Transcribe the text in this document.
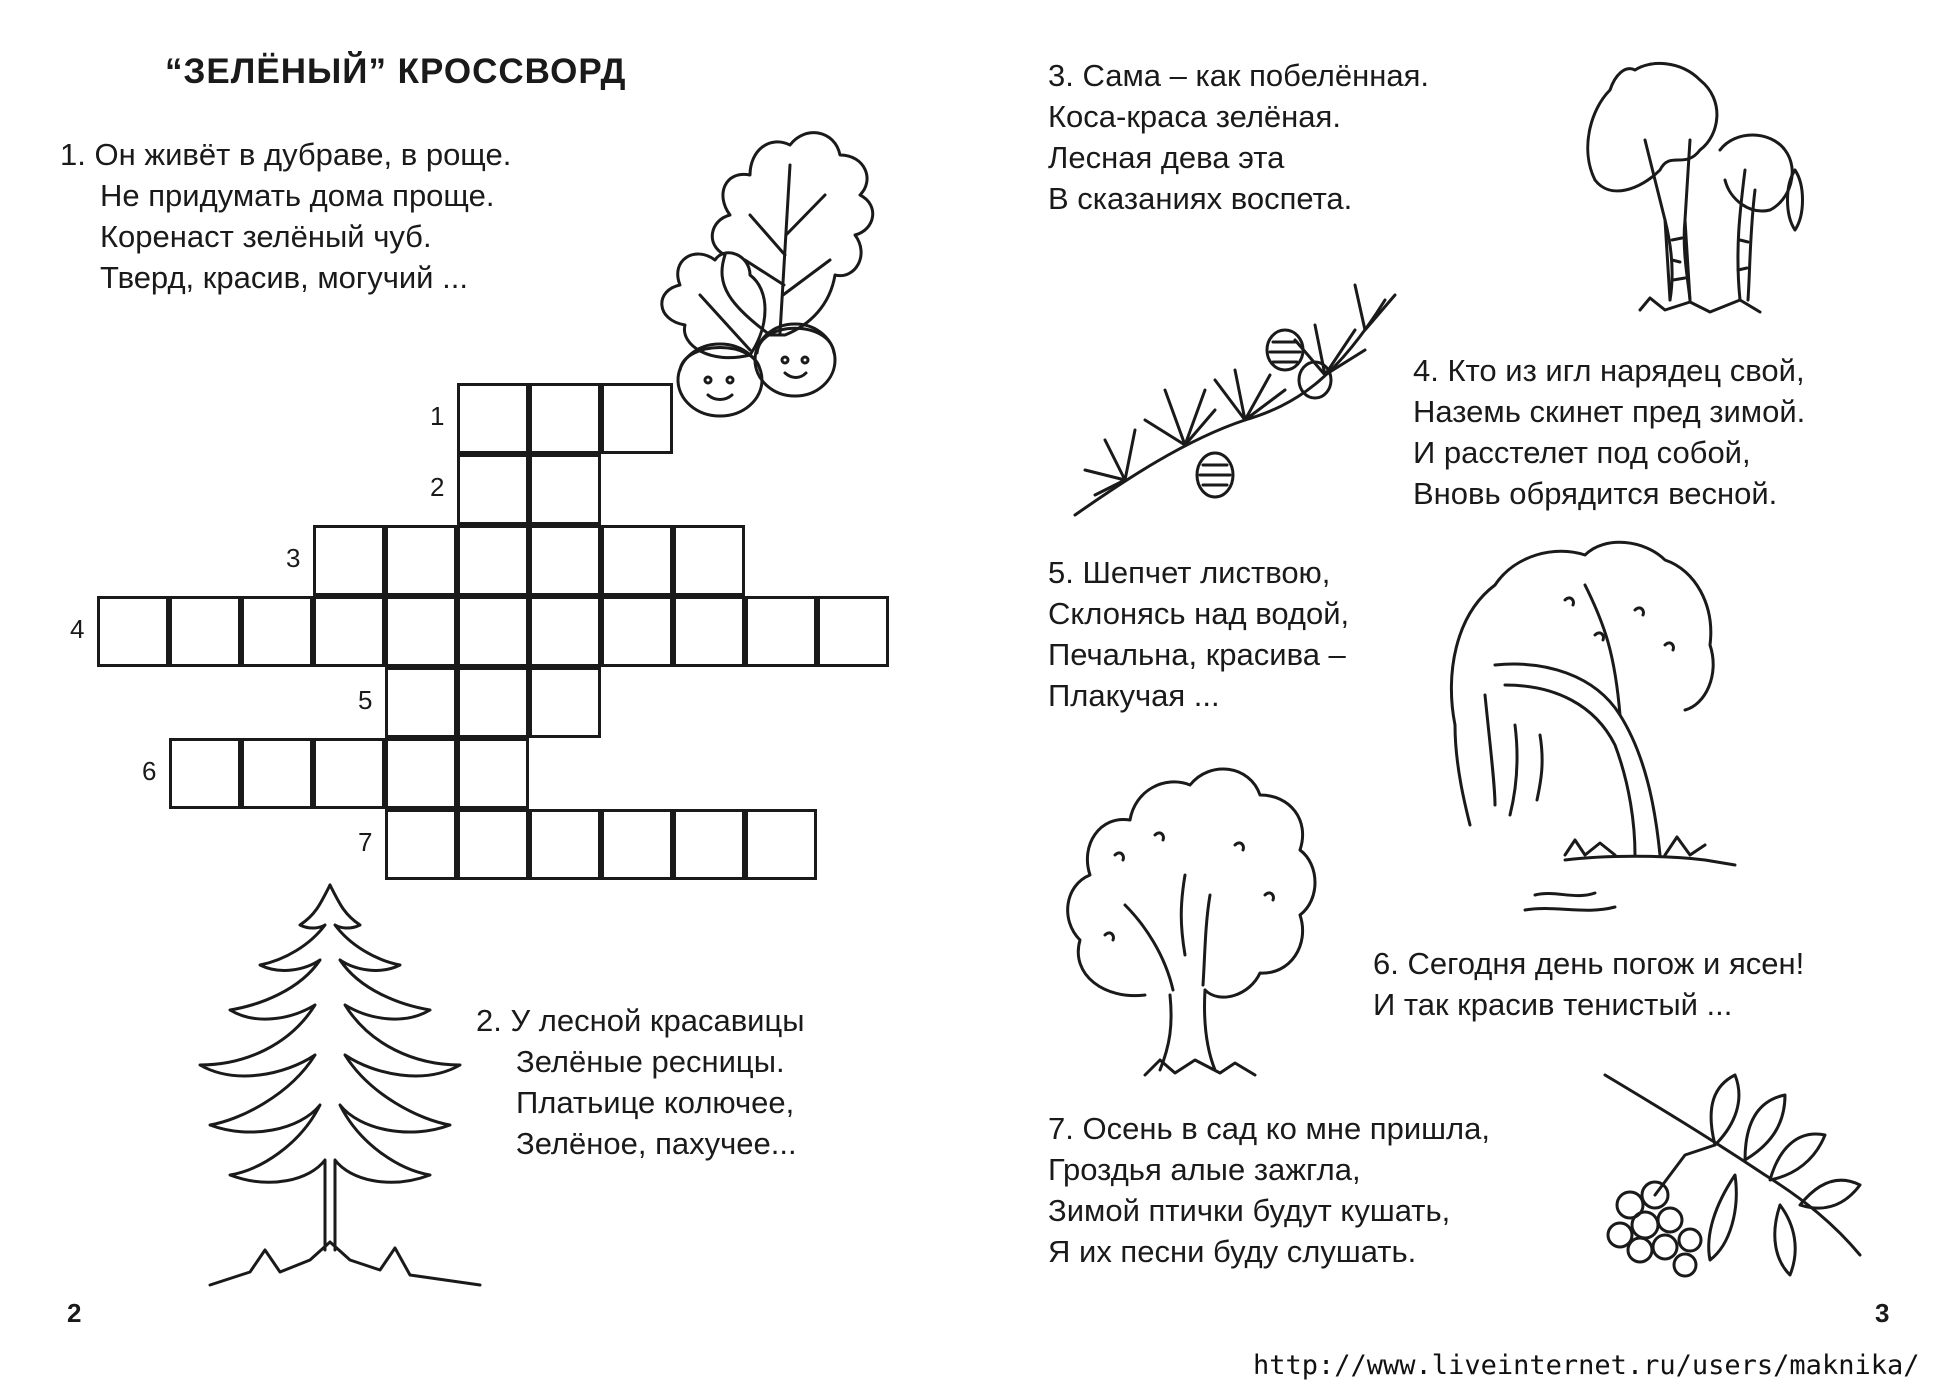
“ЗЕЛЁНЫЙ” КРОССВОРД
1. Он живёт в дубраве, в роще.
Не придумать дома проще.
Коренаст зелёный чуб.
Тверд, красив, могучий ...
1
2
3
4
5
6
7
2. У лесной красавицы
Зелёные ресницы.
Платьице колючее,
Зелёное, пахучее...
2
3. Сама – как побелённая.
Коса-краса зелёная.
Лесная дева эта
В сказаниях воспета.
4. Кто из игл нарядец свой,
Наземь скинет пред зимой.
И расстелет под собой,
Вновь обрядится весной.
5. Шепчет листвою,
Склонясь над водой,
Печальна, красива –
Плакучая ...
6. Сегодня день погож и ясен!
И так красив тенистый ...
7. Осень в сад ко мне пришла,
Гроздья алые зажгла,
Зимой птички будут кушать,
Я их песни буду слушать.
3
http://www.liveinternet.ru/users/maknika/
